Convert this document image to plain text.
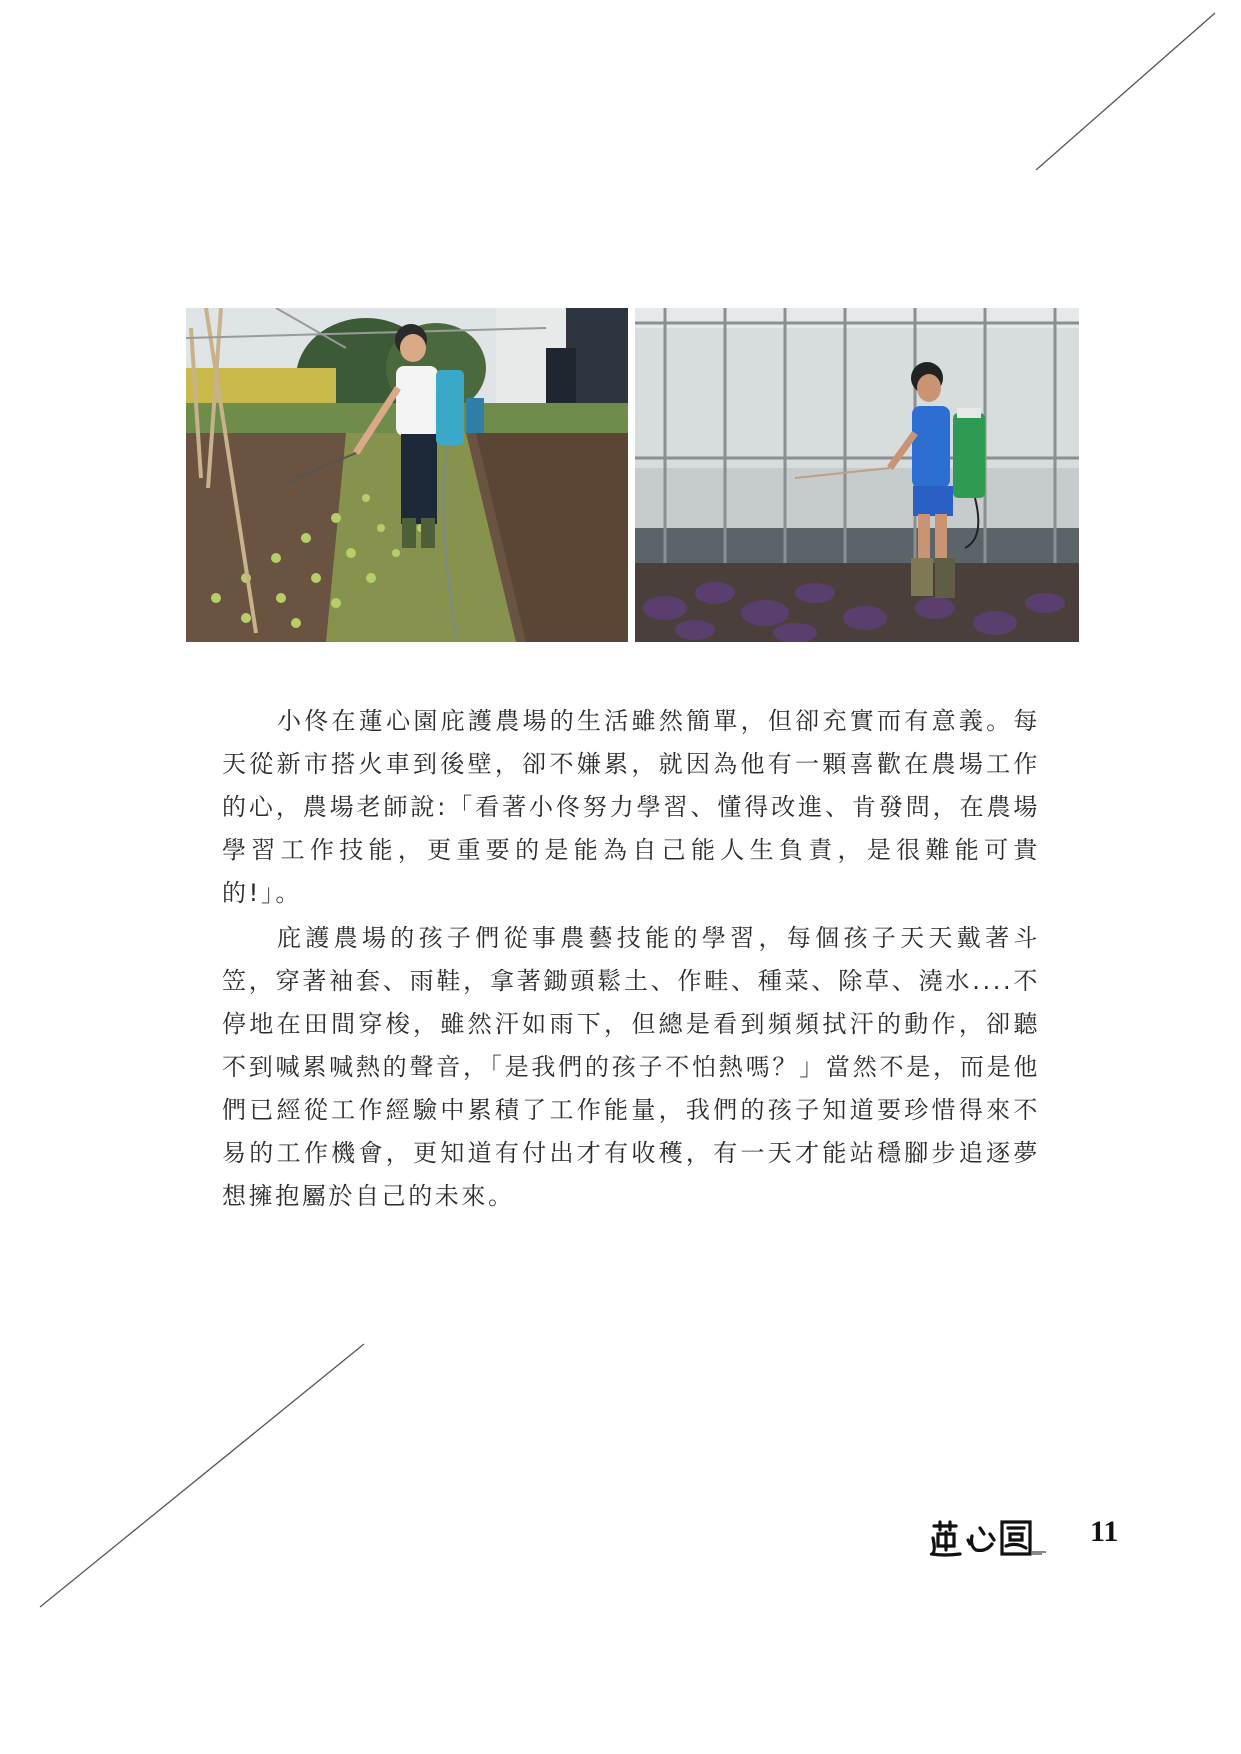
小佟在蓮心園庇護農場的生活雖然簡單，但卻充實而有意義。每天從新市搭火車到後壁，卻不嫌累，就因為他有一顆喜歡在農場工作的心，農場老師說:「看著小佟努力學習、懂得改進、肯發問，在農場學習工作技能，更重要的是能為自己能人生負責，是很難能可貴的!」。

庇護農場的孩子們從事農藝技能的學習，每個孩子天天戴著斗笠，穿著袖套、雨鞋，拿著鋤頭鬆土、作畦、種菜、除草、澆水....不停地在田間穿梭，雖然汗如雨下，但總是看到頻頻拭汗的動作，卻聽不到喊累喊熱的聲音，「是我們的孩子不怕熱嗎？」當然不是，而是他們已經從工作經驗中累積了工作能量，我們的孩子知道要珍惜得來不易的工作機會，更知道有付出才有收穫，有一天才能站穩腳步追逐夢想擁抱屬於自己的未來。

11
